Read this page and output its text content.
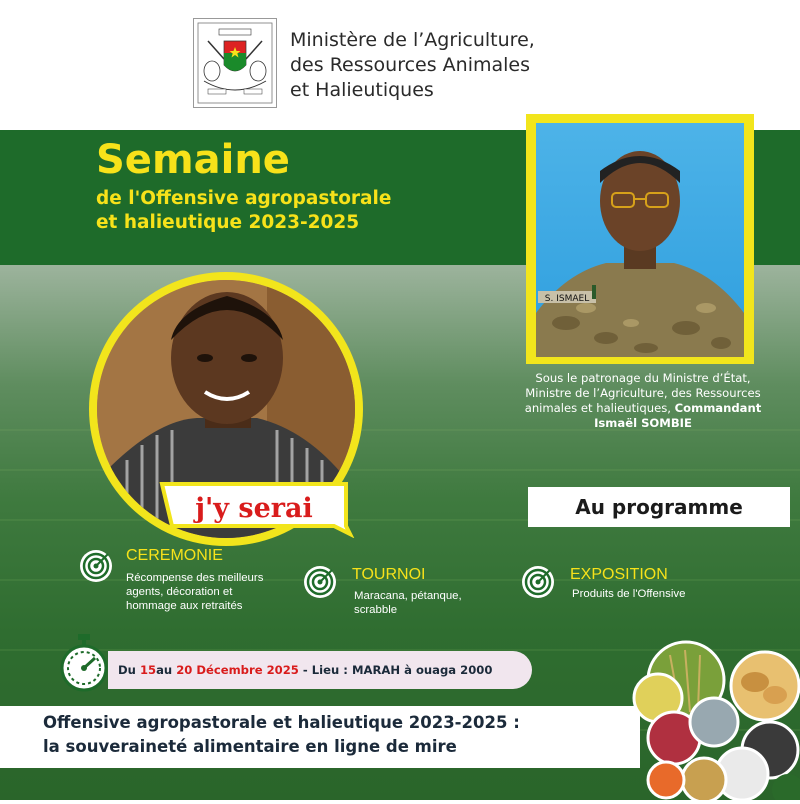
Ministère de l’Agriculture,
des Ressources Animales
et Halieutiques
Semaine
de l'Offensive agropastorale
et halieutique 2023-2025
S. ISMAEL
Sous le patronage du Ministre d’État,
Ministre de l’Agriculture, des Ressources
animales et halieutiques, Commandant
Ismaël SOMBIE
j'y serai	Au programme
CEREMONIE
Récompense des meilleurs
agents, décoration et
hommage aux retraités
TOURNOI
Maracana, pétanque,
scrabble
EXPOSITION
Produits de l'Offensive
Du
15 au
20 Décembre 2025
- Lieu : MARAH à ouaga 2000
Offensive agropastorale et halieutique 2023-2025 :
la souveraineté alimentaire en ligne de mire
